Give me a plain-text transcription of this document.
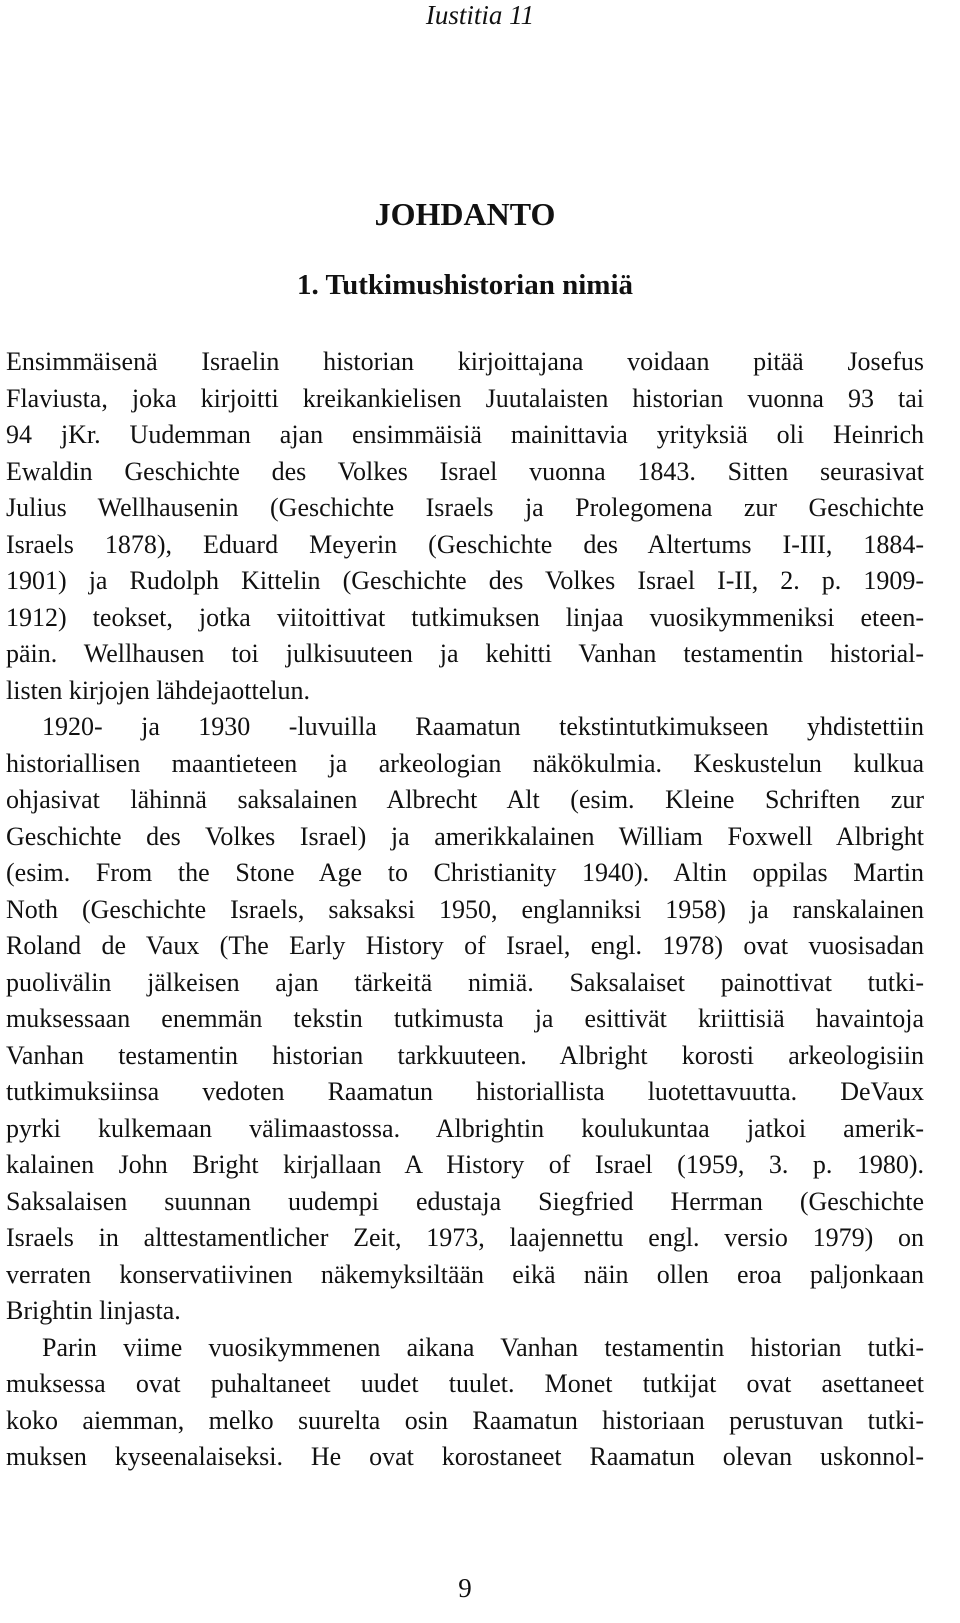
Iustitia 11
JOHDANTO
1. Tutkimushistorian nimiä
Ensimmäisenä Israelin historian kirjoittajana voidaan pitää Josefus
Flaviusta, joka kirjoitti kreikankielisen Juutalaisten historian vuonna 93 tai
94 jKr. Uudemman ajan ensimmäisiä mainittavia yrityksiä oli Heinrich
Ewaldin Geschichte des Volkes Israel vuonna 1843. Sitten seurasivat
Julius Wellhausenin (Geschichte Israels ja Prolegomena zur Geschichte
Israels 1878), Eduard Meyerin (Geschichte des Altertums I-III, 1884-
1901) ja Rudolph Kittelin (Geschichte des Volkes Israel I-II, 2. p. 1909-
1912) teokset, jotka viitoittivat tutkimuksen linjaa vuosikymmeniksi eteen-
päin. Wellhausen toi julkisuuteen ja kehitti Vanhan testamentin historial-
listen kirjojen lähdejaottelun.
1920- ja 1930 -luvuilla Raamatun tekstintutkimukseen yhdistettiin
historiallisen maantieteen ja arkeologian näkökulmia. Keskustelun kulkua
ohjasivat lähinnä saksalainen Albrecht Alt (esim. Kleine Schriften zur
Geschichte des Volkes Israel) ja amerikkalainen William Foxwell Albright
(esim. From the Stone Age to Christianity 1940). Altin oppilas Martin
Noth (Geschichte Israels, saksaksi 1950, englanniksi 1958) ja ranskalainen
Roland de Vaux (The Early History of Israel, engl. 1978) ovat vuosisadan
puolivälin jälkeisen ajan tärkeitä nimiä. Saksalaiset painottivat tutki-
muksessaan enemmän tekstin tutkimusta ja esittivät kriittisiä havaintoja
Vanhan testamentin historian tarkkuuteen. Albright korosti arkeologisiin
tutkimuksiinsa vedoten Raamatun historiallista luotettavuutta. DeVaux
pyrki kulkemaan välimaastossa. Albrightin koulukuntaa jatkoi amerik-
kalainen John Bright kirjallaan A History of Israel (1959, 3. p. 1980).
Saksalaisen suunnan uudempi edustaja Siegfried Herrman (Geschichte
Israels in alttestamentlicher Zeit, 1973, laajennettu engl. versio 1979) on
verraten konservatiivinen näkemyksiltään eikä näin ollen eroa paljonkaan
Brightin linjasta.
Parin viime vuosikymmenen aikana Vanhan testamentin historian tutki-
muksessa ovat puhaltaneet uudet tuulet. Monet tutkijat ovat asettaneet
koko aiemman, melko suurelta osin Raamatun historiaan perustuvan tutki-
muksen kyseenalaiseksi. He ovat korostaneet Raamatun olevan uskonnol-
9
